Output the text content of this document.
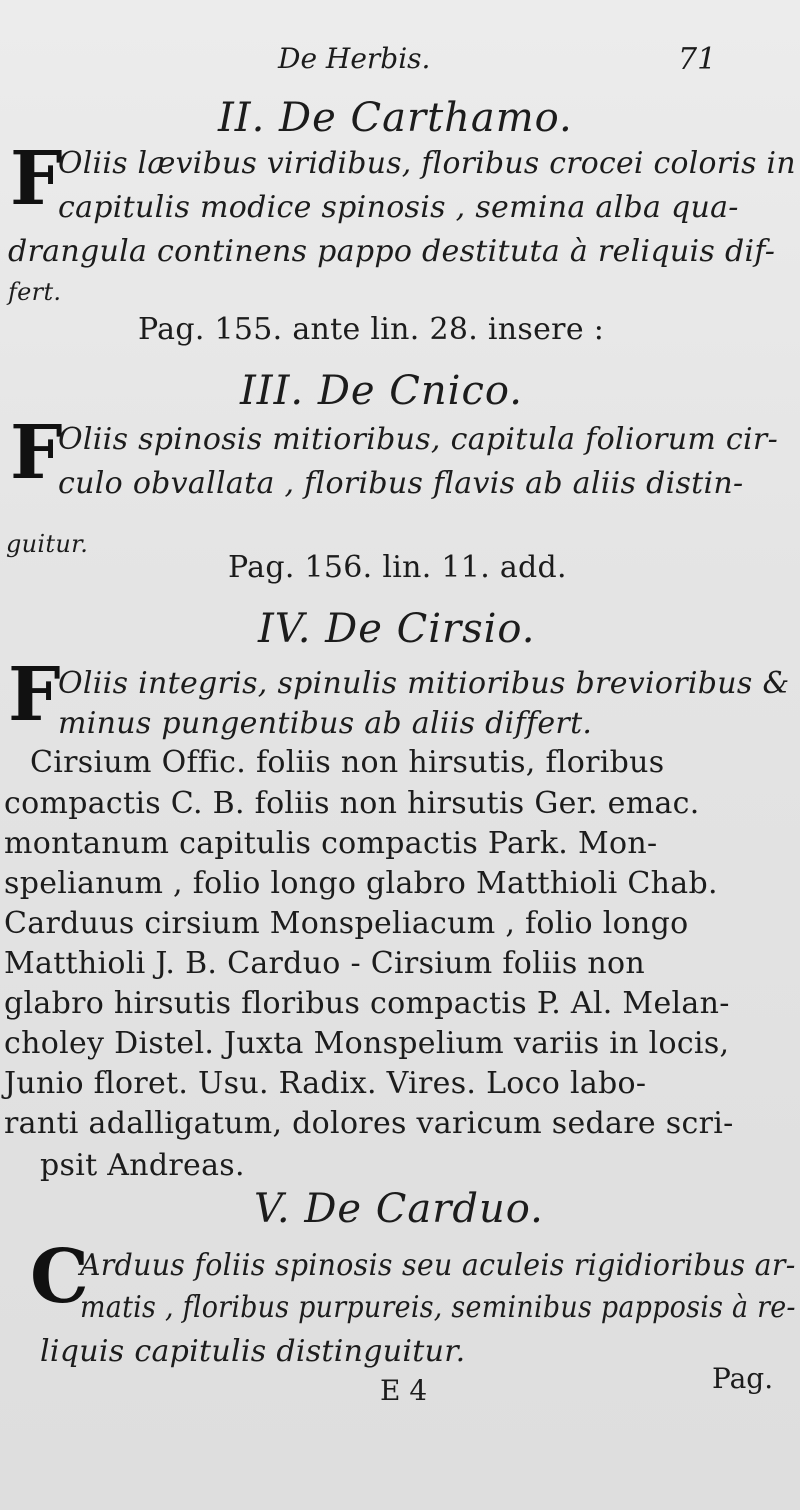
De Herbis.	71
II. De Carthamo.
F
Oliis lævibus viridibus, floribus crocei coloris in
capitulis modice spinosis , semina alba qua-
drangula continens pappo destituta à reliquis dif-
fert.
Pag. 155. ante lin. 28. insere :
III. De Cnico.
F
Oliis spinosis mitioribus, capitula foliorum cir-
culo obvallata , floribus flavis ab aliis distin-
guitur.
Pag. 156. lin. 11. add.
IV. De Cirsio.
F
Oliis integris, spinulis mitioribus brevioribus &
minus pungentibus ab aliis differt.
Cirsium Offic. foliis non hirsutis, floribus
compactis C. B. foliis non hirsutis Ger. emac.
montanum capitulis compactis Park. Mon-
spelianum , folio longo glabro Matthioli Chab.
Carduus cirsium Monspeliacum , folio longo
Matthioli J. B. Carduo - Cirsium foliis non
glabro hirsutis floribus compactis P. Al. Melan-
choley Distel. Juxta Monspelium variis in locis,
Junio floret. Usu. Radix. Vires. Loco labo-
ranti adalligatum, dolores varicum sedare scri-
psit Andreas.
V. De Carduo.
C
Arduus foliis spinosis seu aculeis rigidioribus ar-
matis , floribus purpureis, seminibus papposis à re-
liquis capitulis distinguitur.
E 4	Pag.
